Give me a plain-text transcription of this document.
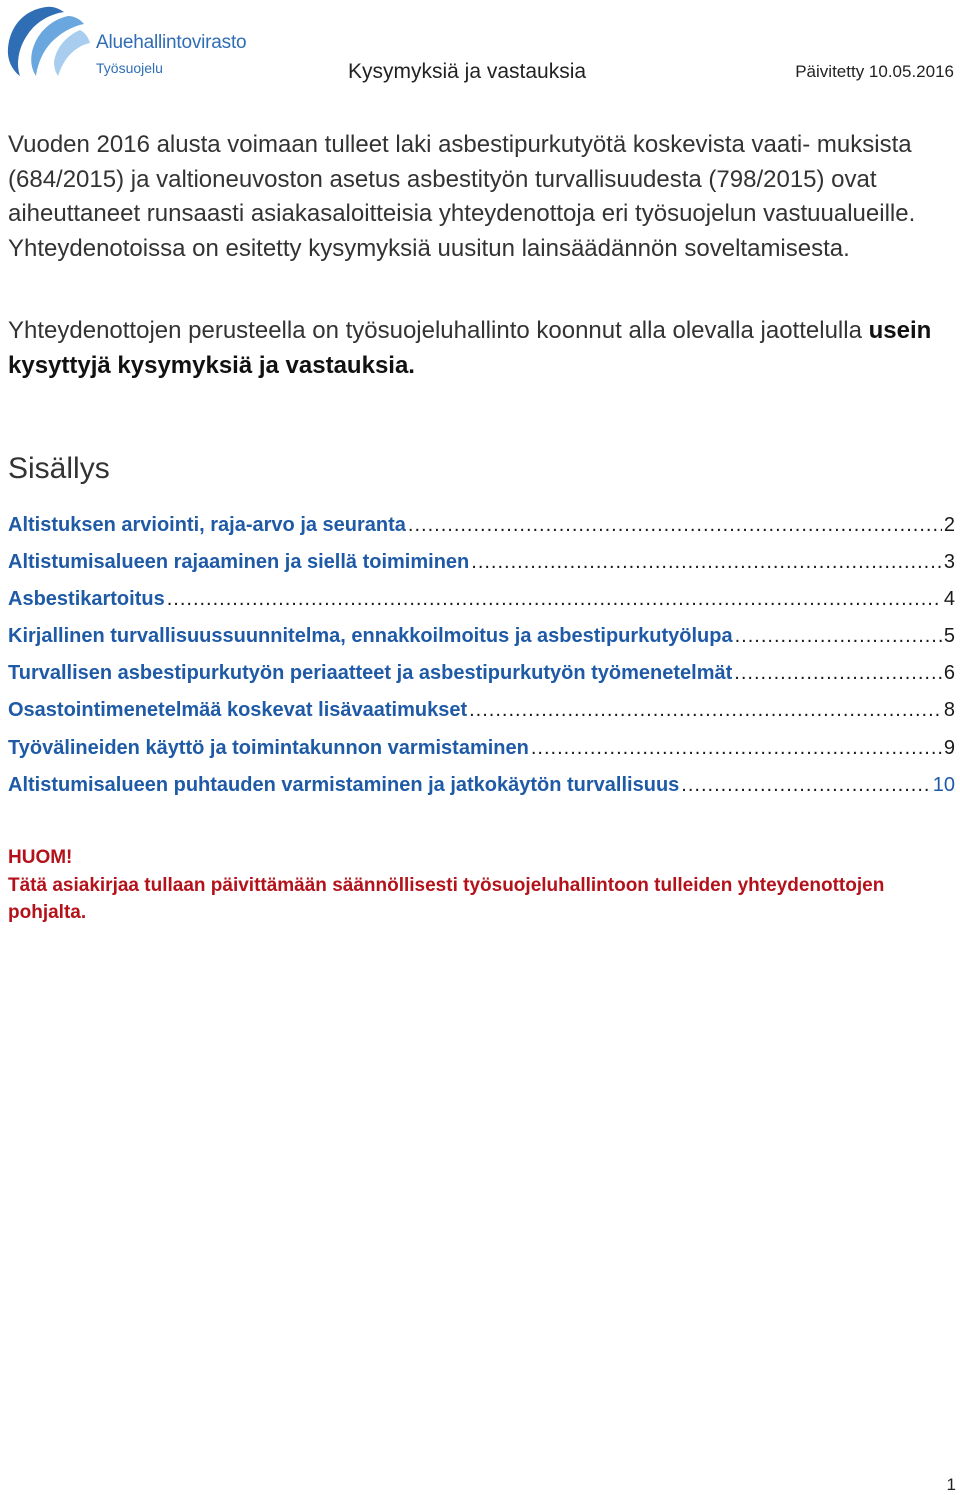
Aluehallintovirasto
Työsuojelu	Kysymyksiä ja vastauksia	Päivitetty 10.05.2016

Vuoden 2016 alusta voimaan tulleet laki asbestipurkutyötä koskevista vaati- muksista (684/2015) ja valtioneuvoston asetus asbestityön turvallisuudesta (798/2015) ovat aiheuttaneet runsaasti asiakasaloitteisia yhteydenottoja eri työsuojelun vastuualueille. Yhteydenotoissa on esitetty kysymyksiä uusitun lainsäädännön soveltamisesta.

Yhteydenottojen perusteella on työsuojeluhallinto koonnut alla olevalla jaottelulla usein kysyttyjä kysymyksiä ja vastauksia.

Sisällys
Altistuksen arviointi, raja-arvo ja seuranta .....	2
Altistumisalueen rajaaminen ja siellä toimiminen .....	3
Asbestikartoitus .....	4
Kirjallinen turvallisuussuunnitelma, ennakkoilmoitus ja asbestipurkutyölupa .....	5
Turvallisen asbestipurkutyön periaatteet ja asbestipurkutyön työmenetelmät .....	6
Osastointimenetelmää koskevat lisävaatimukset .....	8
Työvälineiden käyttö ja toimintakunnon varmistaminen .....	9
Altistumisalueen puhtauden varmistaminen ja jatkokäytön turvallisuus .....	10
HUOM!
Tätä asiakirjaa tullaan päivittämään säännöllisesti työsuojeluhallintoon tulleiden yhteydenottojen pohjalta.
1
